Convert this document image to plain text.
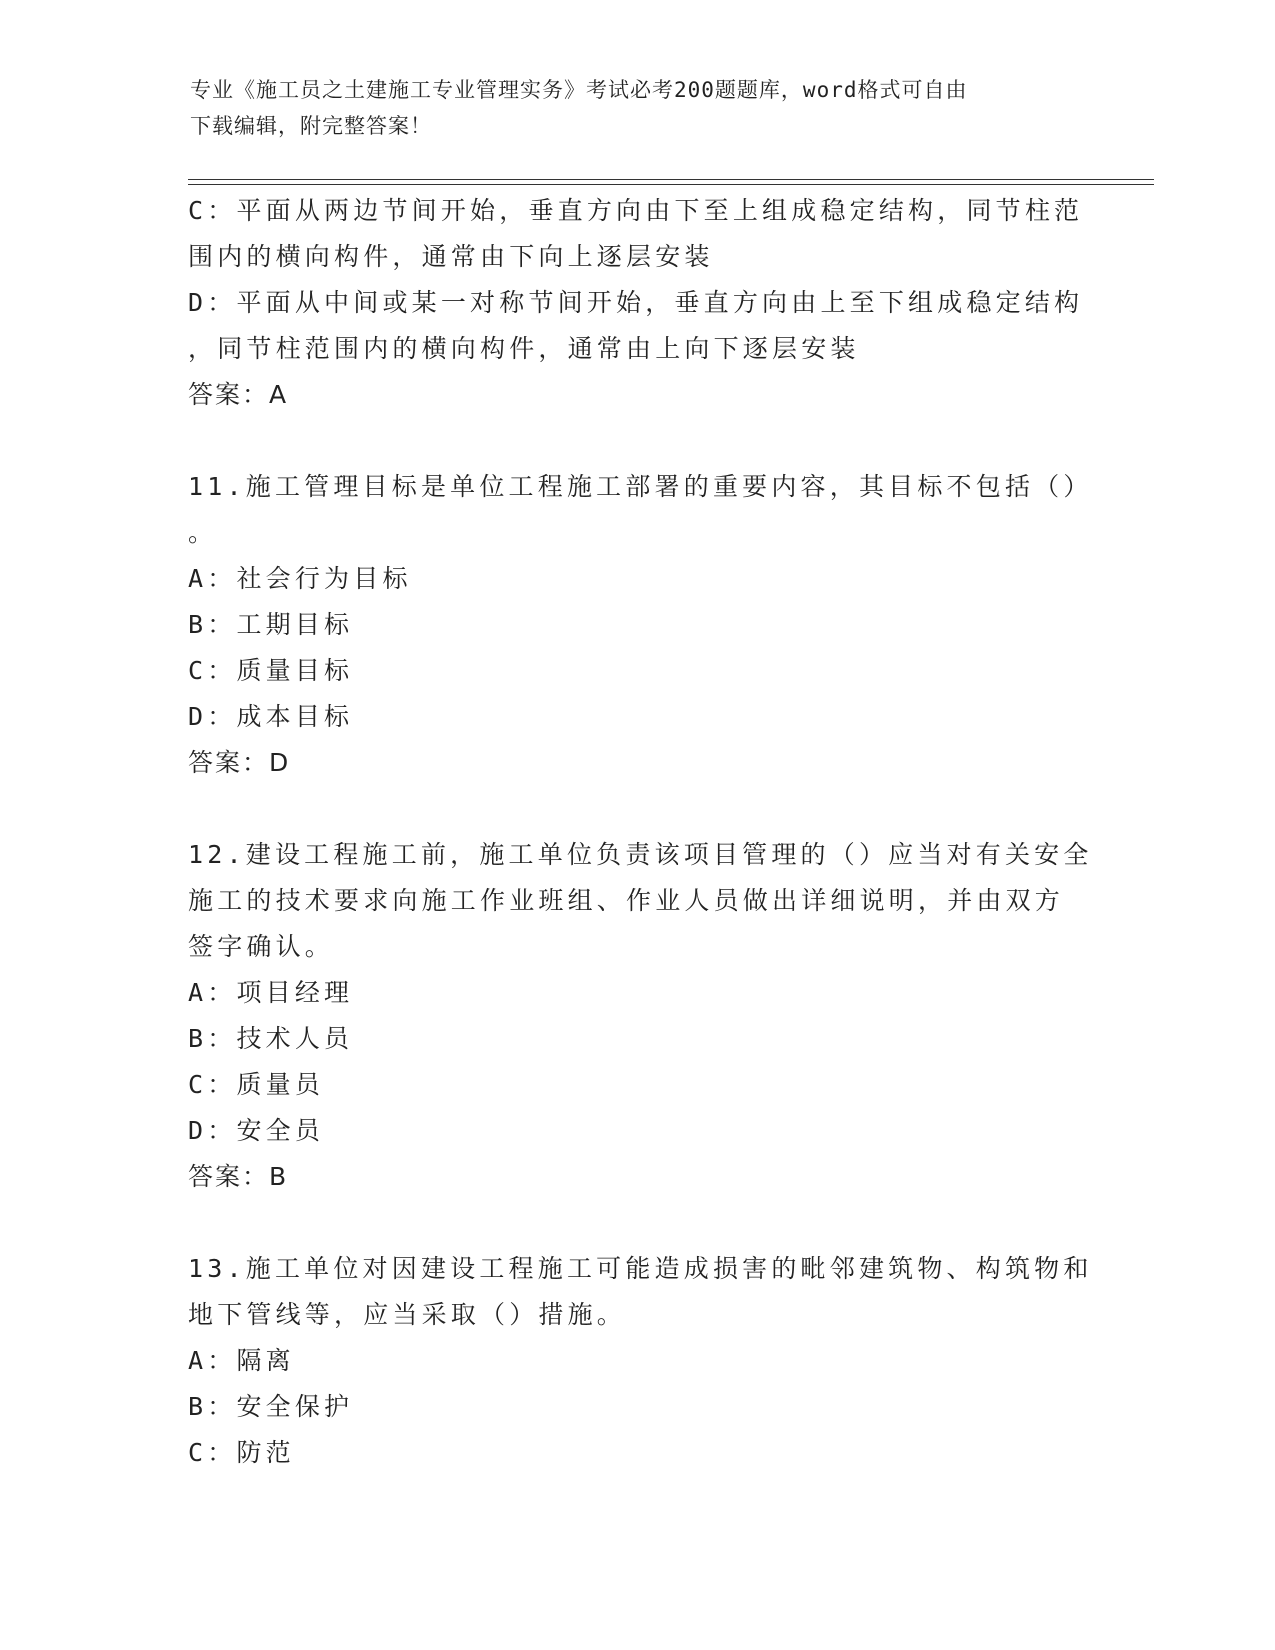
专业《施工员之土建施工专业管理实务》考试必考200题题库，word格式可自由
下载编辑，附完整答案！
C：平面从两边节间开始，垂直方向由下至上组成稳定结构，同节柱范
围内的横向构件，通常由下向上逐层安装
D：平面从中间或某一对称节间开始，垂直方向由上至下组成稳定结构
，同节柱范围内的横向构件，通常由上向下逐层安装
答案：A
11.施工管理目标是单位工程施工部署的重要内容，其目标不包括（）
。
A：社会行为目标
B：工期目标
C：质量目标
D：成本目标
答案：D
12.建设工程施工前，施工单位负责该项目管理的（）应当对有关安全
施工的技术要求向施工作业班组、作业人员做出详细说明，并由双方
签字确认。
A：项目经理
B：技术人员
C：质量员
D：安全员
答案：B
13.施工单位对因建设工程施工可能造成损害的毗邻建筑物、构筑物和
地下管线等，应当采取（）措施。
A：隔离
B：安全保护
C：防范
